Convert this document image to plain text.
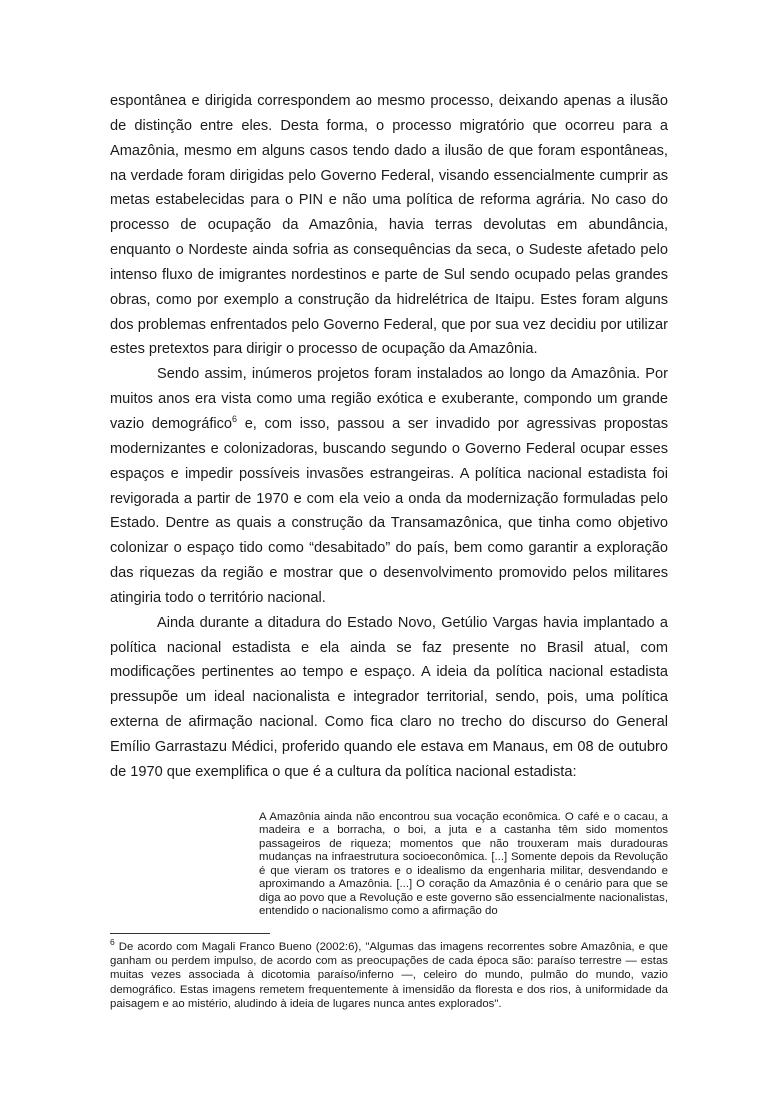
espontânea e dirigida correspondem ao mesmo processo, deixando apenas a ilusão de distinção entre eles. Desta forma, o processo migratório que ocorreu para a Amazônia, mesmo em alguns casos tendo dado a ilusão de que foram espontâneas, na verdade foram dirigidas pelo Governo Federal, visando essencialmente cumprir as metas estabelecidas para o PIN e não uma política de reforma agrária. No caso do processo de ocupação da Amazônia, havia terras devolutas em abundância, enquanto o Nordeste ainda sofria as consequências da seca, o Sudeste afetado pelo intenso fluxo de imigrantes nordestinos e parte de Sul sendo ocupado pelas grandes obras, como por exemplo a construção da hidrelétrica de Itaipu. Estes foram alguns dos problemas enfrentados pelo Governo Federal, que por sua vez decidiu por utilizar estes pretextos para dirigir o processo de ocupação da Amazônia.

Sendo assim, inúmeros projetos foram instalados ao longo da Amazônia. Por muitos anos era vista como uma região exótica e exuberante, compondo um grande vazio demográfico$^6$ e, com isso, passou a ser invadido por agressivas propostas modernizantes e colonizadoras, buscando segundo o Governo Federal ocupar esses espaços e impedir possíveis invasões estrangeiras. A política nacional estadista foi revigorada a partir de 1970 e com ela veio a onda da modernização formuladas pelo Estado. Dentre as quais a construção da Transamazônica, que tinha como objetivo colonizar o espaço tido como “desabitado” do país, bem como garantir a exploração das riquezas da região e mostrar que o desenvolvimento promovido pelos militares atingiria todo o território nacional.

Ainda durante a ditadura do Estado Novo, Getúlio Vargas havia implantado a política nacional estadista e ela ainda se faz presente no Brasil atual, com modificações pertinentes ao tempo e espaço. A ideia da política nacional estadista pressupõe um ideal nacionalista e integrador territorial, sendo, pois, uma política externa de afirmação nacional. Como fica claro no trecho do discurso do General Emílio Garrastazu Médici, proferido quando ele estava em Manaus, em 08 de outubro de 1970 que exemplifica o que é a cultura da política nacional estadista:

A Amazônia ainda não encontrou sua vocação econômica. O café e o cacau, a madeira e a borracha, o boi, a juta e a castanha têm sido momentos passageiros de riqueza; momentos que não trouxeram mais duradouras mudanças na infraestrutura socioeconômica. [...] Somente depois da Revolução é que vieram os tratores e o idealismo da engenharia militar, desvendando e aproximando a Amazônia. [...] O coração da Amazônia é o cenário para que se diga ao povo que a Revolução e este governo são essencialmente nacionalistas, entendido o nacionalismo como a afirmação do

$^6$ De acordo com Magali Franco Bueno (2002:6), "Algumas das imagens recorrentes sobre Amazônia, e que ganham ou perdem impulso, de acordo com as preocupações de cada época são: paraíso terrestre — estas muitas vezes associada à dicotomia paraíso/inferno —, celeiro do mundo, pulmão do mundo, vazio demográfico. Estas imagens remetem frequentemente à imensidão da floresta e dos rios, à uniformidade da paisagem e ao mistério, aludindo à ideia de lugares nunca antes explorados".
